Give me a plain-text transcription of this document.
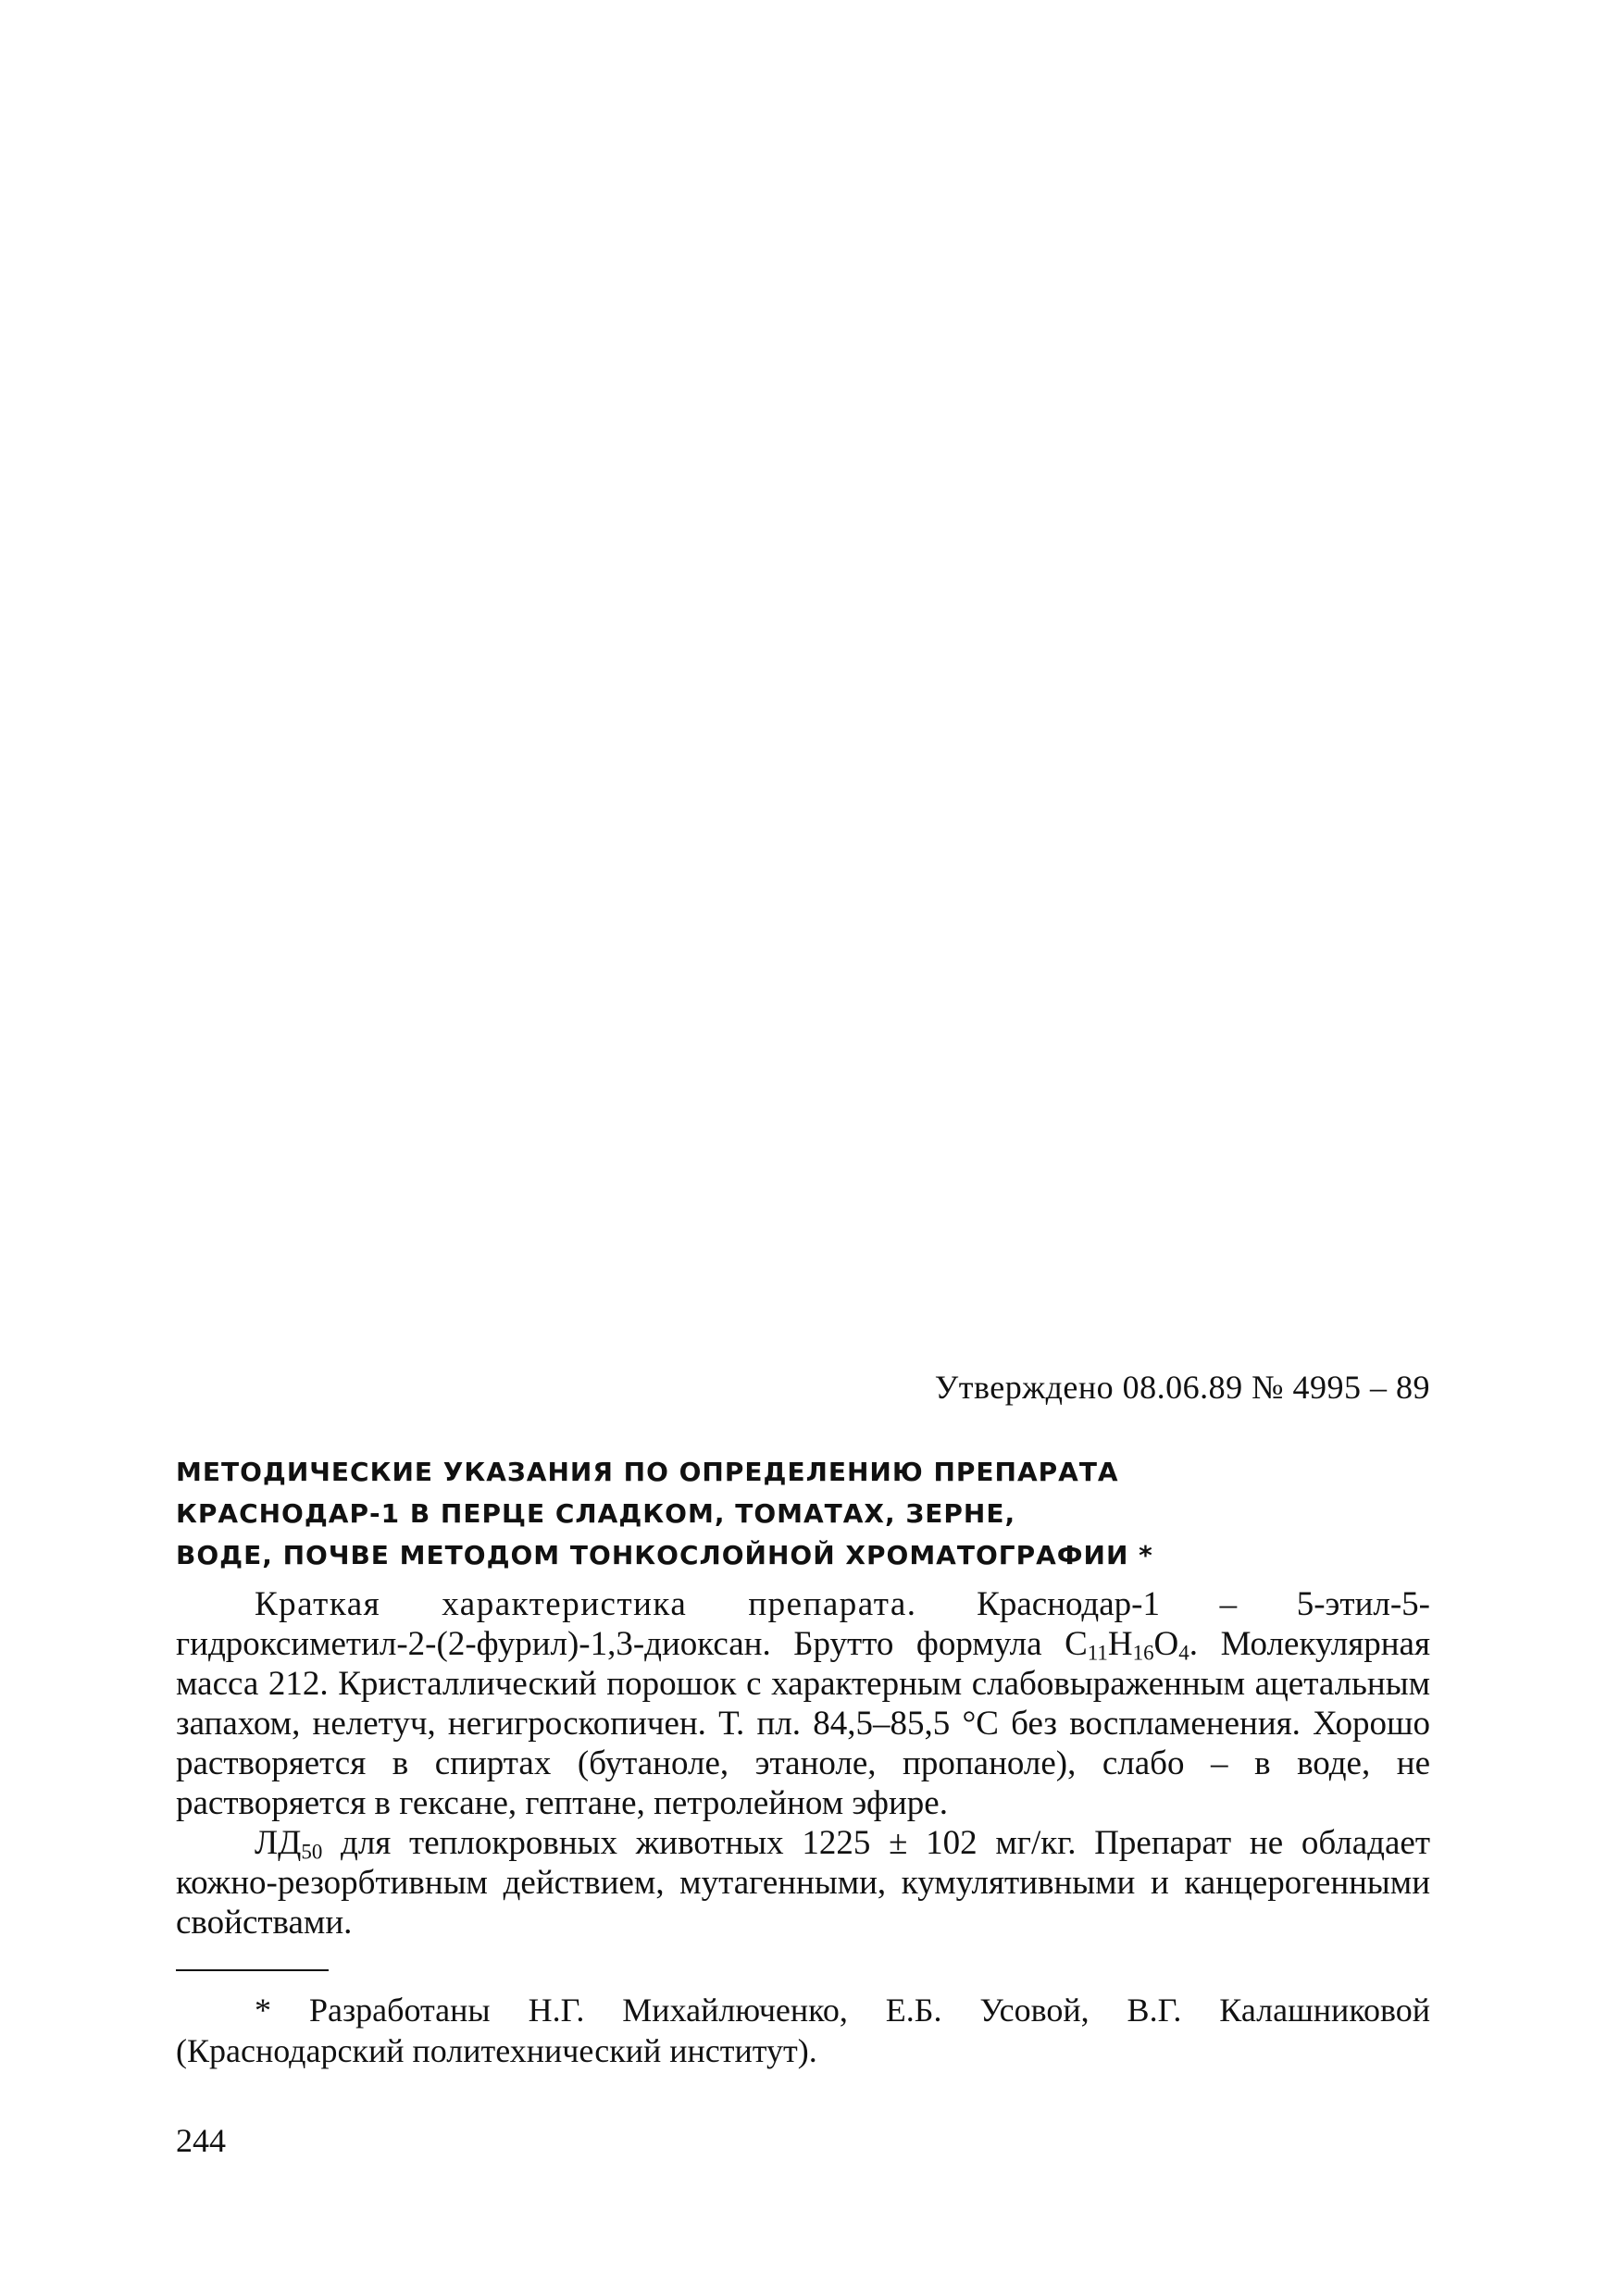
Утверждено 08.06.89 № 4995 – 89
МЕТОДИЧЕСКИЕ УКАЗАНИЯ ПО ОПРЕДЕЛЕНИЮ ПРЕПАРАТА
КРАСНОДАР-1 В ПЕРЦЕ СЛАДКОМ, ТОМАТАХ, ЗЕРНЕ,
ВОДЕ, ПОЧВЕ МЕТОДОМ ТОНКОСЛОЙНОЙ ХРОМАТОГРАФИИ *

Краткая характеристика препарата. Краснодар-1 – 5-этил-5-гидроксиметил-2-(2-фурил)-1,3-диоксан. Брутто формула $C_{11}H_{16}O_4$. Молекулярная масса 212. Кристаллический порошок с характерным слабовыраженным ацетальным запахом, нелетуч, негигроскопичен. Т. пл. 84,5–85,5 °С без воспламенения. Хорошо растворяется в спиртах (бутаноле, этаноле, пропаноле), слабо – в воде, не растворяется в гексане, гептане, петролейном эфире.

$ЛД_{50}$ для теплокровных животных 1225 ± 102 мг/кг. Препарат не обладает кожно-резорбтивным действием, мутагенными, кумулятивными и канцерогенными свойствами.

* Разработаны Н.Г. Михайлюченко, Е.Б. Усовой, В.Г. Калашниковой (Краснодарский политехнический институт).
244
